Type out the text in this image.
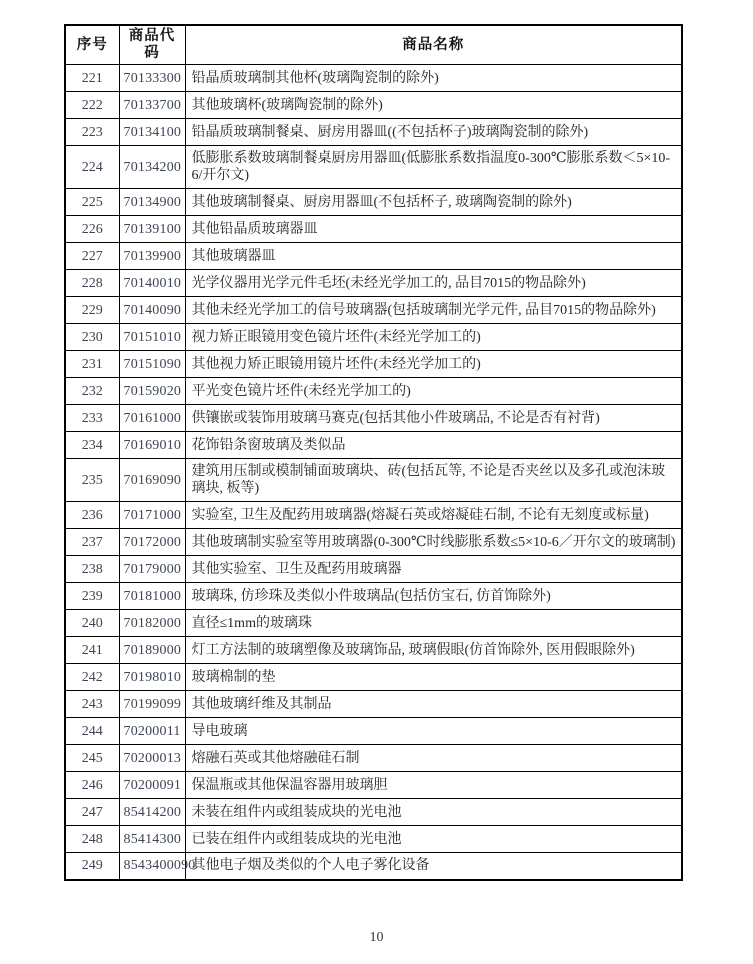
序号	商品代码	商品名称
221	70133300	铅晶质玻璃制其他杯(玻璃陶瓷制的除外)
222	70133700	其他玻璃杯(玻璃陶瓷制的除外)
223	70134100	铅晶质玻璃制餐桌、厨房用器皿((不包括杯子)玻璃陶瓷制的除外)
224	70134200	低膨胀系数玻璃制餐桌厨房用器皿(低膨胀系数指温度0-300℃膨胀系数＜5×10-6/开尔文)
225	70134900	其他玻璃制餐桌、厨房用器皿(不包括杯子, 玻璃陶瓷制的除外)
226	70139100	其他铅晶质玻璃器皿
227	70139900	其他玻璃器皿
228	70140010	光学仪器用光学元件毛坯(未经光学加工的, 品目7015的物品除外)
229	70140090	其他未经光学加工的信号玻璃器(包括玻璃制光学元件, 品目7015的物品除外)
230	70151010	视力矫正眼镜用变色镜片坯件(未经光学加工的)
231	70151090	其他视力矫正眼镜用镜片坯件(未经光学加工的)
232	70159020	平光变色镜片坯件(未经光学加工的)
233	70161000	供镶嵌或装饰用玻璃马赛克(包括其他小件玻璃品, 不论是否有衬背)
234	70169010	花饰铅条窗玻璃及类似品
235	70169090	建筑用压制或模制铺面玻璃块、砖(包括瓦等, 不论是否夹丝以及多孔或泡沫玻璃块, 板等)
236	70171000	实验室, 卫生及配药用玻璃器(熔凝石英或熔凝硅石制, 不论有无刻度或标量)
237	70172000	其他玻璃制实验室等用玻璃器(0-300℃时线膨胀系数≤5×10-6／开尔文的玻璃制)
238	70179000	其他实验室、卫生及配药用玻璃器
239	70181000	玻璃珠, 仿珍珠及类似小件玻璃品(包括仿宝石, 仿首饰除外)
240	70182000	直径≤1mm的玻璃珠
241	70189000	灯工方法制的玻璃塑像及玻璃饰品, 玻璃假眼(仿首饰除外, 医用假眼除外)
242	70198010	玻璃棉制的垫
243	70199099	其他玻璃纤维及其制品
244	70200011	导电玻璃
245	70200013	熔融石英或其他熔融硅石制
246	70200091	保温瓶或其他保温容器用玻璃胆
247	85414200	未装在组件内或组装成块的光电池
248	85414300	已装在组件内或组装成块的光电池
249	8543400090	其他电子烟及类似的个人电子雾化设备
10
